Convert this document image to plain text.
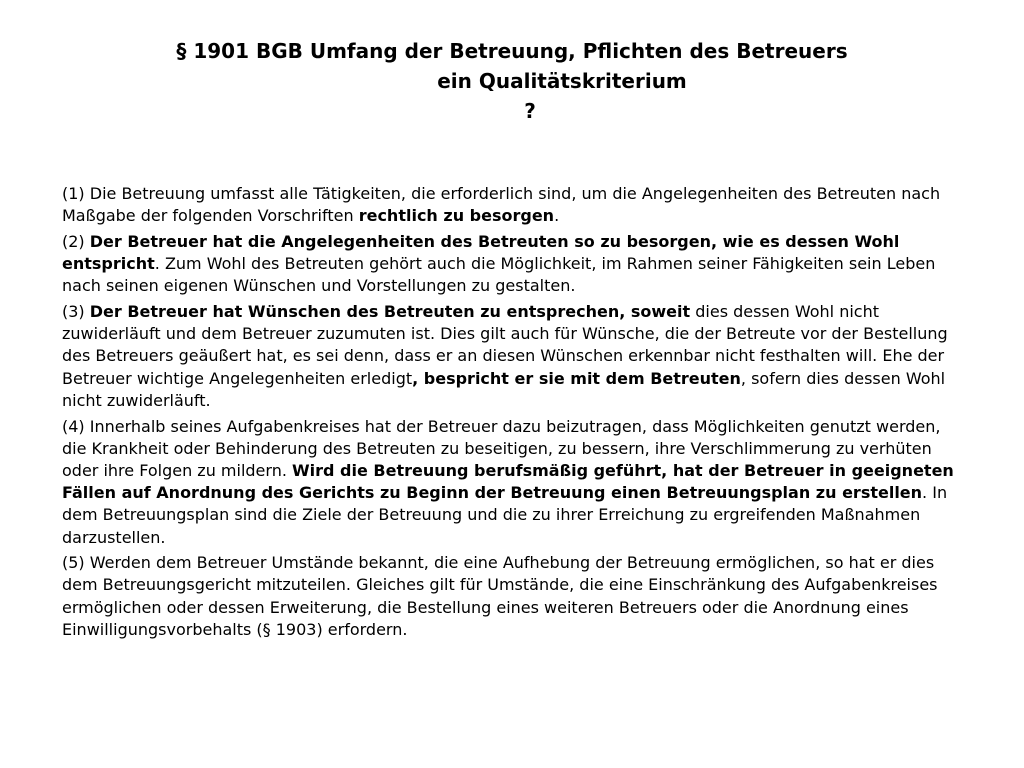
§ 1901 BGB Umfang der Betreuung, Pflichten des Betreuers
ein Qualitätskriterium
?

(1) Die Betreuung umfasst alle Tätigkeiten, die erforderlich sind, um die Angelegenheiten des Betreuten nach Maßgabe der folgenden Vorschriften rechtlich zu besorgen.

(2) Der Betreuer hat die Angelegenheiten des Betreuten so zu besorgen, wie es dessen Wohl entspricht. Zum Wohl des Betreuten gehört auch die Möglichkeit, im Rahmen seiner Fähigkeiten sein Leben nach seinen eigenen Wünschen und Vorstellungen zu gestalten.

(3) Der Betreuer hat Wünschen des Betreuten zu entsprechen, soweit dies dessen Wohl nicht zuwiderläuft und dem Betreuer zuzumuten ist. Dies gilt auch für Wünsche, die der Betreute vor der Bestellung des Betreuers geäußert hat, es sei denn, dass er an diesen Wünschen erkennbar nicht festhalten will. Ehe der Betreuer wichtige Angelegenheiten erledigt, bespricht er sie mit dem Betreuten, sofern dies dessen Wohl nicht zuwiderläuft.

(4) Innerhalb seines Aufgabenkreises hat der Betreuer dazu beizutragen, dass Möglichkeiten genutzt werden, die Krankheit oder Behinderung des Betreuten zu beseitigen, zu bessern, ihre Verschlimmerung zu verhüten oder ihre Folgen zu mildern. Wird die Betreuung berufsmäßig geführt, hat der Betreuer in geeigneten Fällen auf Anordnung des Gerichts zu Beginn der Betreuung einen Betreuungsplan zu erstellen. In dem Betreuungsplan sind die Ziele der Betreuung und die zu ihrer Erreichung zu ergreifenden Maßnahmen darzustellen.

(5) Werden dem Betreuer Umstände bekannt, die eine Aufhebung der Betreuung ermöglichen, so hat er dies dem Betreuungsgericht mitzuteilen. Gleiches gilt für Umstände, die eine Einschränkung des Aufgabenkreises ermöglichen oder dessen Erweiterung, die Bestellung eines weiteren Betreuers oder die Anordnung eines Einwilligungsvorbehalts (§ 1903) erfordern.
